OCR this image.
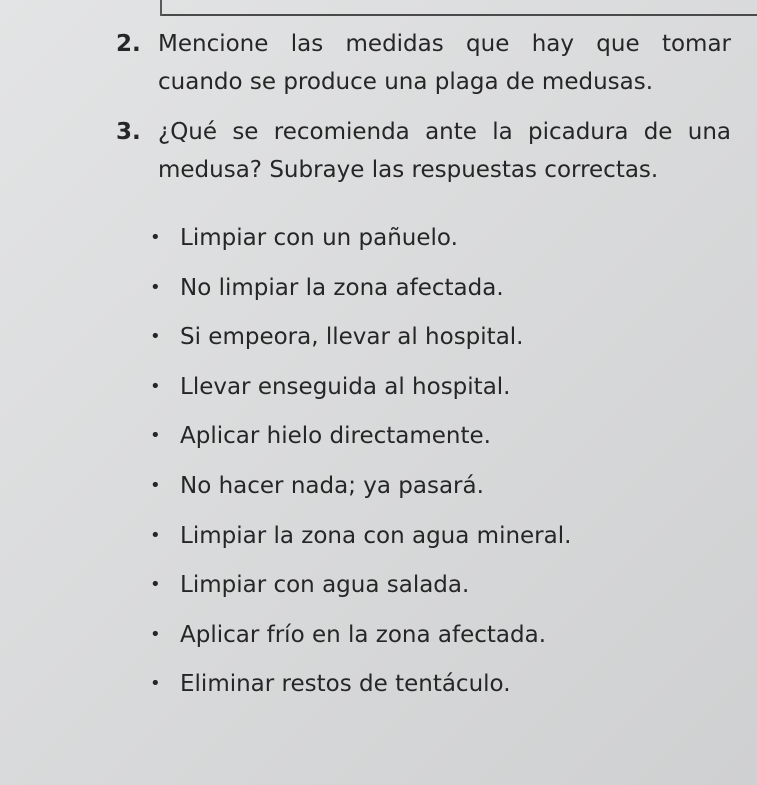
2. Mencione las medidas que hay que tomar cuando se produce una plaga de medusas.
3. ¿Qué se recomienda ante la picadura de una medusa? Subraye las respuestas correctas.
• Limpiar con un pañuelo.
• No limpiar la zona afectada.
• Si empeora, llevar al hospital.
• Llevar enseguida al hospital.
• Aplicar hielo directamente.
• No hacer nada; ya pasará.
• Limpiar la zona con agua mineral.
• Limpiar con agua salada.
• Aplicar frío en la zona afectada.
• Eliminar restos de tentáculo.
